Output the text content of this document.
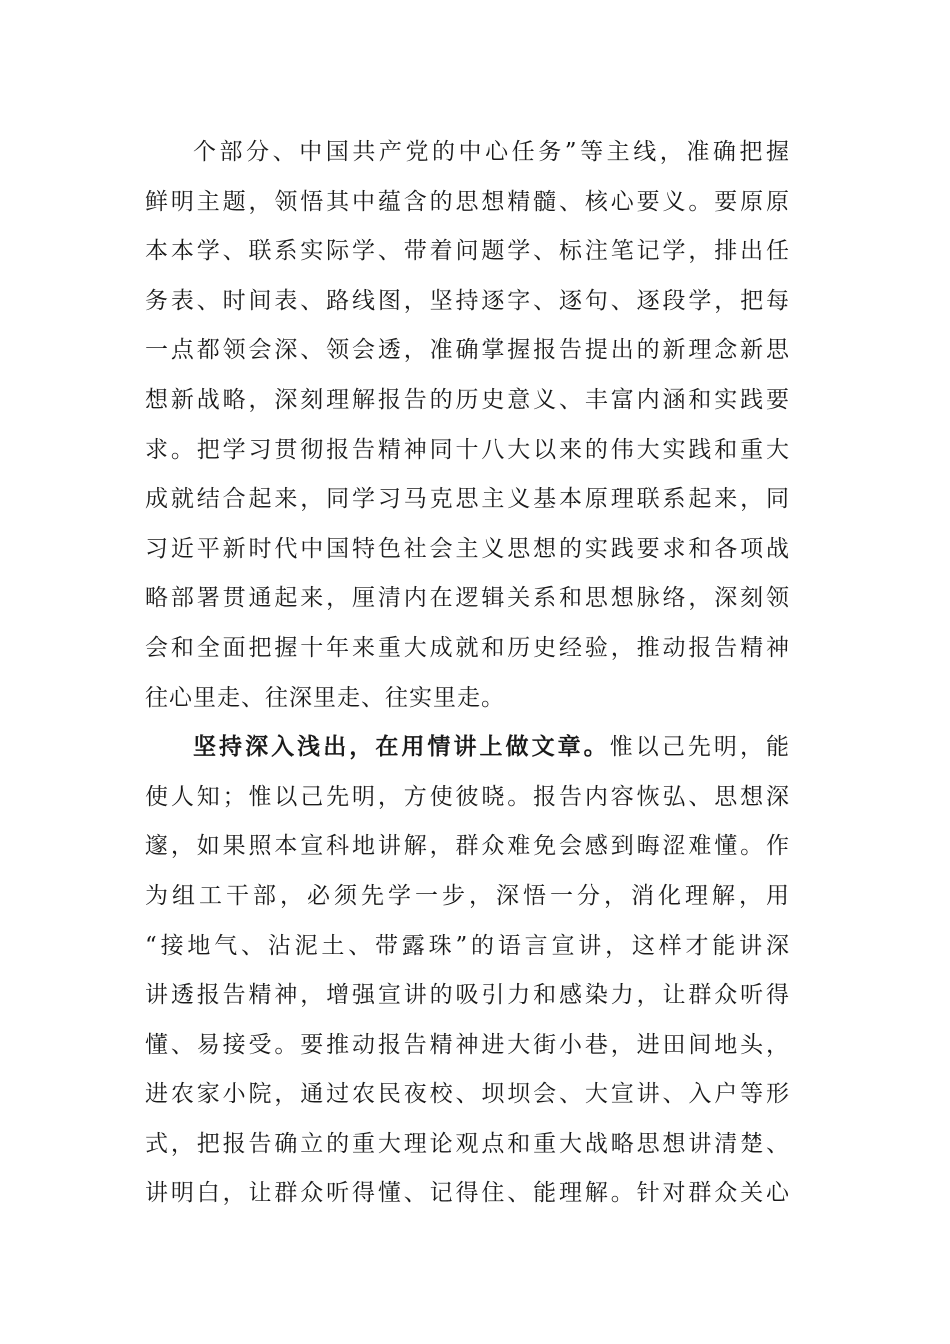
个部分、中国共产党的中心任务”等主线，准确把握
鲜明主题，领悟其中蕴含的思想精髓、核心要义。要原原
本本学、联系实际学、带着问题学、标注笔记学，排出任
务表、时间表、路线图，坚持逐字、逐句、逐段学，把每
一点都领会深、领会透，准确掌握报告提出的新理念新思
想新战略，深刻理解报告的历史意义、丰富内涵和实践要
求。把学习贯彻报告精神同十八大以来的伟大实践和重大
成就结合起来，同学习马克思主义基本原理联系起来，同
习近平新时代中国特色社会主义思想的实践要求和各项战
略部署贯通起来，厘清内在逻辑关系和思想脉络，深刻领
会和全面把握十年来重大成就和历史经验，推动报告精神
往心里走、往深里走、往实里走。
坚持深入浅出，在用情讲上做文章。惟以己先明，能
使人知；惟以己先明，方使彼晓。报告内容恢弘、思想深
邃，如果照本宣科地讲解，群众难免会感到晦涩难懂。作
为组工干部，必须先学一步，深悟一分，消化理解，用
“接地气、沾泥土、带露珠”的语言宣讲，这样才能讲深
讲透报告精神，增强宣讲的吸引力和感染力，让群众听得
懂、易接受。要推动报告精神进大街小巷，进田间地头，
进农家小院，通过农民夜校、坝坝会、大宣讲、入户等形
式，把报告确立的重大理论观点和重大战略思想讲清楚、
讲明白，让群众听得懂、记得住、能理解。针对群众关心
